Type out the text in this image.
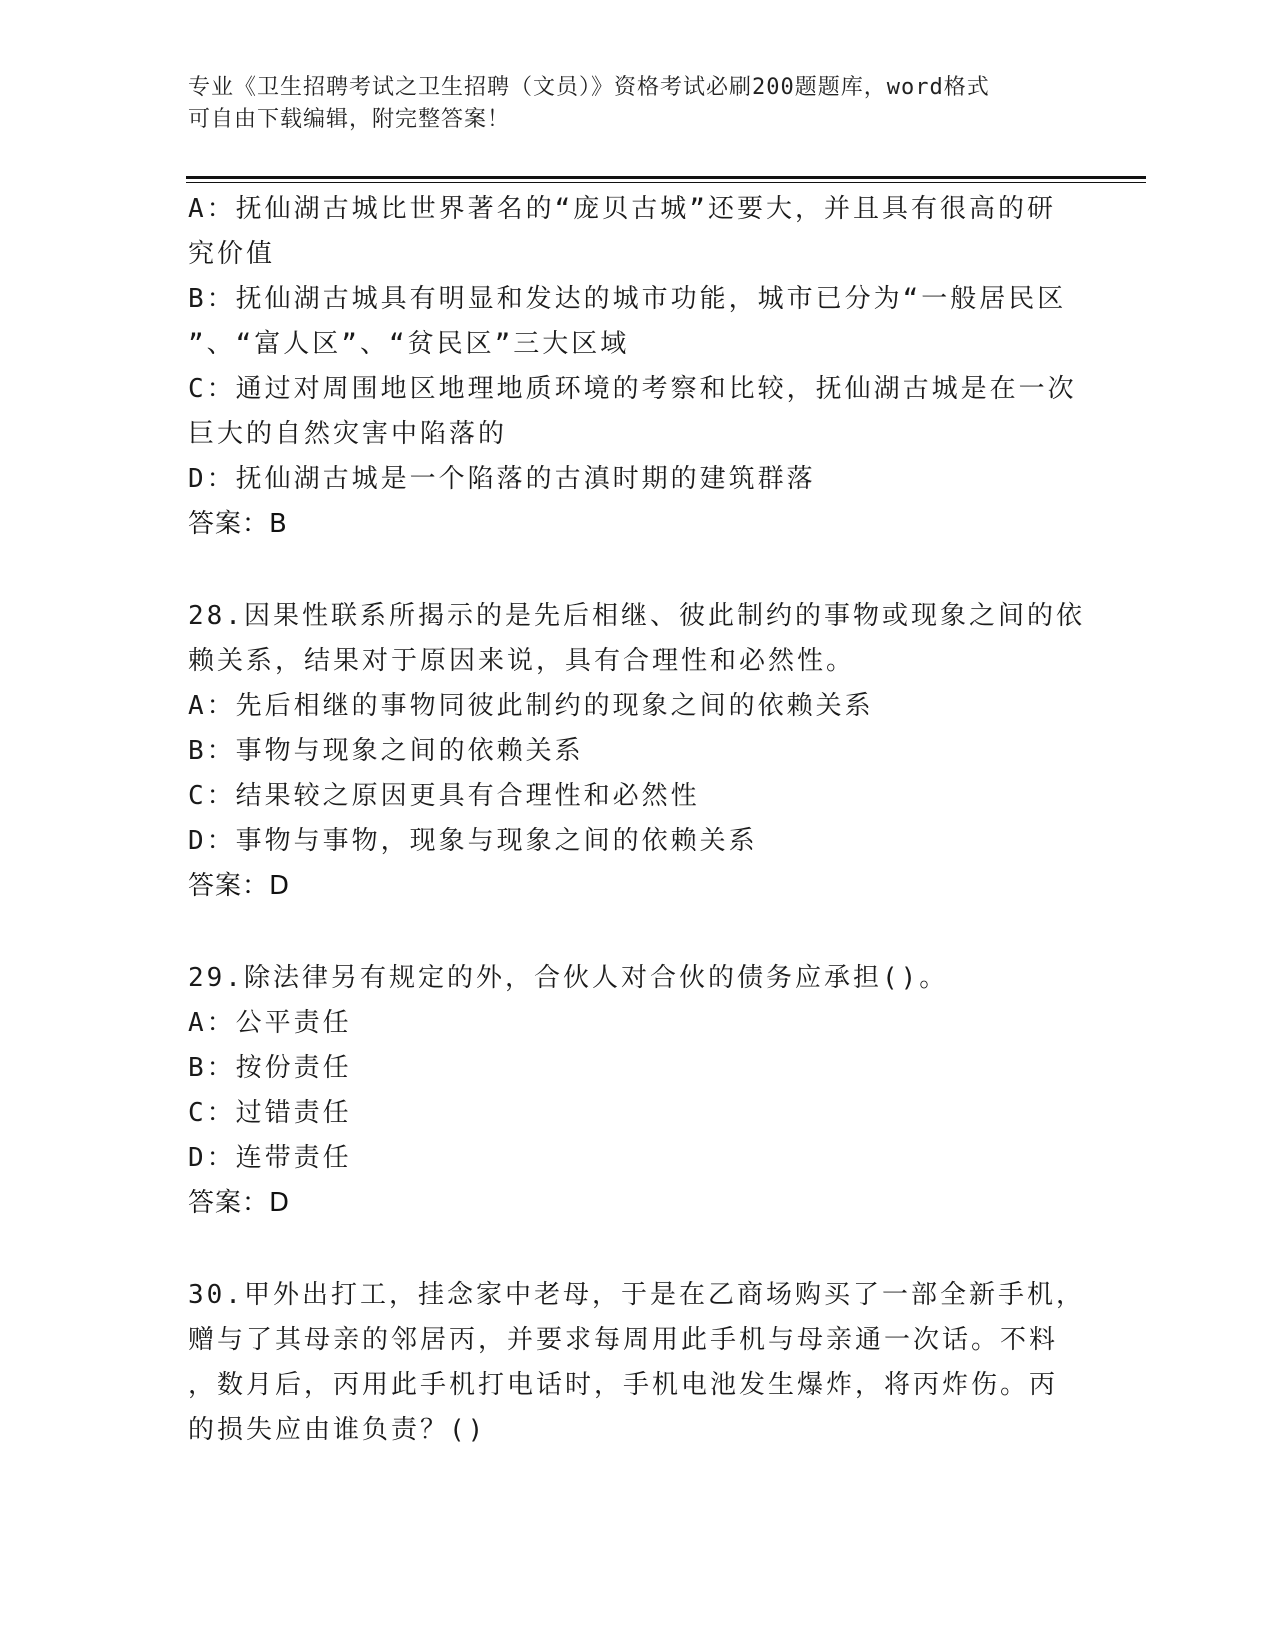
专业《卫生招聘考试之卫生招聘（文员）》资格考试必刷200题题库，word格式
可自由下载编辑，附完整答案！
A：抚仙湖古城比世界著名的“庞贝古城”还要大，并且具有很高的研
究价值
B：抚仙湖古城具有明显和发达的城市功能，城市已分为“一般居民区
”、“富人区”、“贫民区”三大区域
C：通过对周围地区地理地质环境的考察和比较，抚仙湖古城是在一次
巨大的自然灾害中陷落的
D：抚仙湖古城是一个陷落的古滇时期的建筑群落
答案：B
28.因果性联系所揭示的是先后相继、彼此制约的事物或现象之间的依
赖关系，结果对于原因来说，具有合理性和必然性。
A：先后相继的事物同彼此制约的现象之间的依赖关系
B：事物与现象之间的依赖关系
C：结果较之原因更具有合理性和必然性
D：事物与事物，现象与现象之间的依赖关系
答案：D
29.除法律另有规定的外，合伙人对合伙的债务应承担()。
A：公平责任
B：按份责任
C：过错责任
D：连带责任
答案：D
30.甲外出打工，挂念家中老母，于是在乙商场购买了一部全新手机，
赠与了其母亲的邻居丙，并要求每周用此手机与母亲通一次话。不料
，数月后，丙用此手机打电话时，手机电池发生爆炸，将丙炸伤。丙
的损失应由谁负责？()
